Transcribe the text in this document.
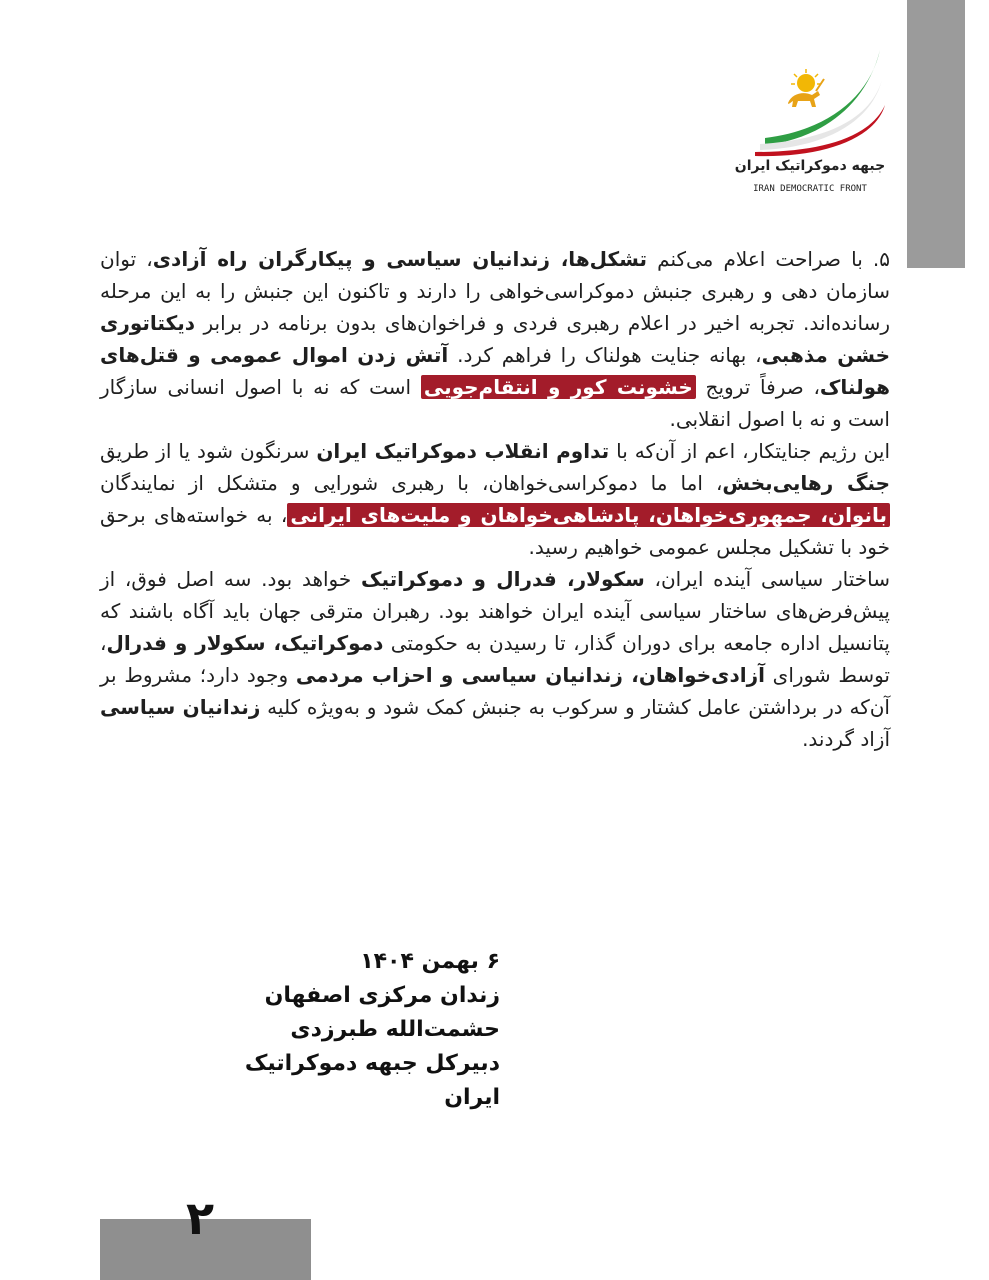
جبهه دموکراتیک ایران
IRAN DEMOCRATIC FRONT

۵. با صراحت اعلام می‌کنم تشکل‌ها، زندانیان سیاسی و پیکارگران راه آزادی، توان سازمان دهی و رهبری جنبش دموکراسی‌خواهی را دارند و تاکنون این جنبش را به این مرحله رسانده‌اند. تجربه اخیر در اعلام رهبری فردی و فراخوان‌های بدون برنامه در برابر دیکتاتوری خشن مذهبی، بهانه جنایت هولناک را فراهم کرد. آتش زدن اموال عمومی و قتل‌های هولناک، صرفاً ترویج خشونت کور و انتقام‌جویی است که نه با اصول انسانی سازگار است و نه با اصول انقلابی.

این رژیم جنایتکار، اعم از آن‌که با تداوم انقلاب دموکراتیک ایران سرنگون شود یا از طریق جنگ رهایی‌بخش، اما ما دموکراسی‌خواهان، با رهبری شورایی و متشکل از نمایندگان بانوان، جمهوری‌خواهان، پادشاهی‌خواهان و ملیت‌های ایرانی، به خواسته‌های برحق خود با تشکیل مجلس عمومی خواهیم رسید.

ساختار سیاسی آینده ایران، سکولار، فدرال و دموکراتیک خواهد بود. سه اصل فوق، از پیش‌فرض‌های ساختار سیاسی آینده ایران خواهند بود. رهبران مترقی جهان باید آگاه باشند که پتانسیل اداره جامعه برای دوران گذار، تا رسیدن به حکومتی دموکراتیک، سکولار و فدرال، توسط شورای آزادی‌خواهان، زندانیان سیاسی و احزاب مردمی وجود دارد؛ مشروط بر آن‌که در برداشتن عامل کشتار و سرکوب به جنبش کمک شود و به‌ویژه کلیه زندانیان سیاسی آزاد گردند.

۶ بهمن ۱۴۰۴
زندان مرکزی اصفهان
حشمت‌الله طبرزدی
دبیرکل جبهه دموکراتیک ایران
۲
